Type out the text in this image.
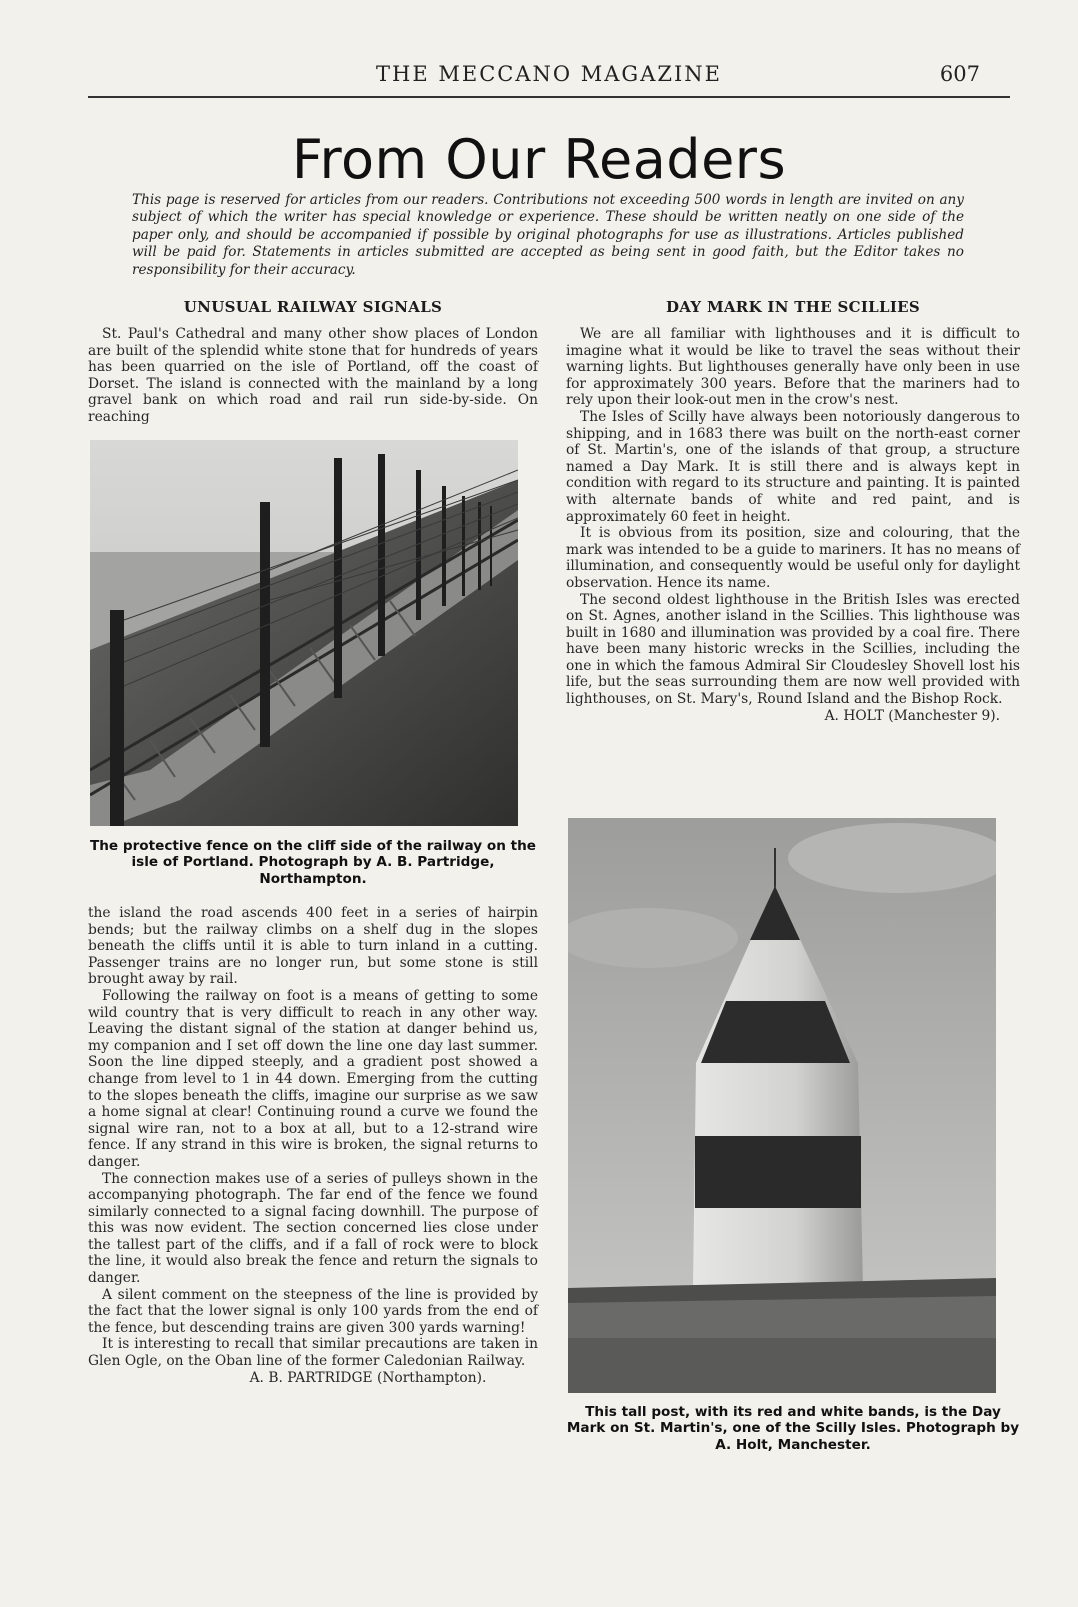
THE MECCANO MAGAZINE	607
From Our Readers
This page is reserved for articles from our readers. Contributions not exceeding 500 words in length are invited on any subject of which the writer has special knowledge or experience. These should be written neatly on one side of the paper only, and should be accompanied if possible by original photographs for use as illustrations. Articles published will be paid for. Statements in articles submitted are accepted as being sent in good faith, but the Editor takes no responsibility for their accuracy.
UNUSUAL RAILWAY SIGNALS

St. Paul's Cathedral and many other show places of London are built of the splendid white stone that for hundreds of years has been quarried on the isle of Portland, off the coast of Dorset. The island is connected with the mainland by a long gravel bank on which road and rail run side-by-side. On reaching

The protective fence on the cliff side of the railway on the isle of Portland. Photograph by A. B. Partridge, Northampton.

the island the road ascends 400 feet in a series of hairpin bends; but the railway climbs on a shelf dug in the slopes beneath the cliffs until it is able to turn inland in a cutting. Passenger trains are no longer run, but some stone is still brought away by rail.

Following the railway on foot is a means of getting to some wild country that is very difficult to reach in any other way. Leaving the distant signal of the station at danger behind us, my companion and I set off down the line one day last summer. Soon the line dipped steeply, and a gradient post showed a change from level to 1 in 44 down. Emerging from the cutting to the slopes beneath the cliffs, imagine our surprise as we saw a home signal at clear! Continuing round a curve we found the signal wire ran, not to a box at all, but to a 12-strand wire fence. If any strand in this wire is broken, the signal returns to danger.

The connection makes use of a series of pulleys shown in the accompanying photograph. The far end of the fence we found similarly connected to a signal facing downhill. The purpose of this was now evident. The section concerned lies close under the tallest part of the cliffs, and if a fall of rock were to block the line, it would also break the fence and return the signals to danger.

A silent comment on the steepness of the line is provided by the fact that the lower signal is only 100 yards from the end of the fence, but descending trains are given 300 yards warning!

It is interesting to recall that similar precautions are taken in Glen Ogle, on the Oban line of the former Caledonian Railway.

A. B. PARTRIDGE (Northampton).
DAY MARK IN THE SCILLIES

We are all familiar with lighthouses and it is difficult to imagine what it would be like to travel the seas without their warning lights. But lighthouses generally have only been in use for approximately 300 years. Before that the mariners had to rely upon their look-out men in the crow's nest.

The Isles of Scilly have always been notoriously dangerous to shipping, and in 1683 there was built on the north-east corner of St. Martin's, one of the islands of that group, a structure named a Day Mark. It is still there and is always kept in condition with regard to its structure and painting. It is painted with alternate bands of white and red paint, and is approximately 60 feet in height.

It is obvious from its position, size and colouring, that the mark was intended to be a guide to mariners. It has no means of illumination, and consequently would be useful only for daylight observation. Hence its name.

The second oldest lighthouse in the British Isles was erected on St. Agnes, another island in the Scillies. This lighthouse was built in 1680 and illumination was provided by a coal fire. There have been many historic wrecks in the Scillies, including the one in which the famous Admiral Sir Cloudesley Shovell lost his life, but the seas surrounding them are now well provided with lighthouses, on St. Mary's, Round Island and the Bishop Rock.

A. HOLT (Manchester 9).
This tall post, with its red and white bands, is the Day Mark on St. Martin's, one of the Scilly Isles. Photograph by A. Holt, Manchester.
